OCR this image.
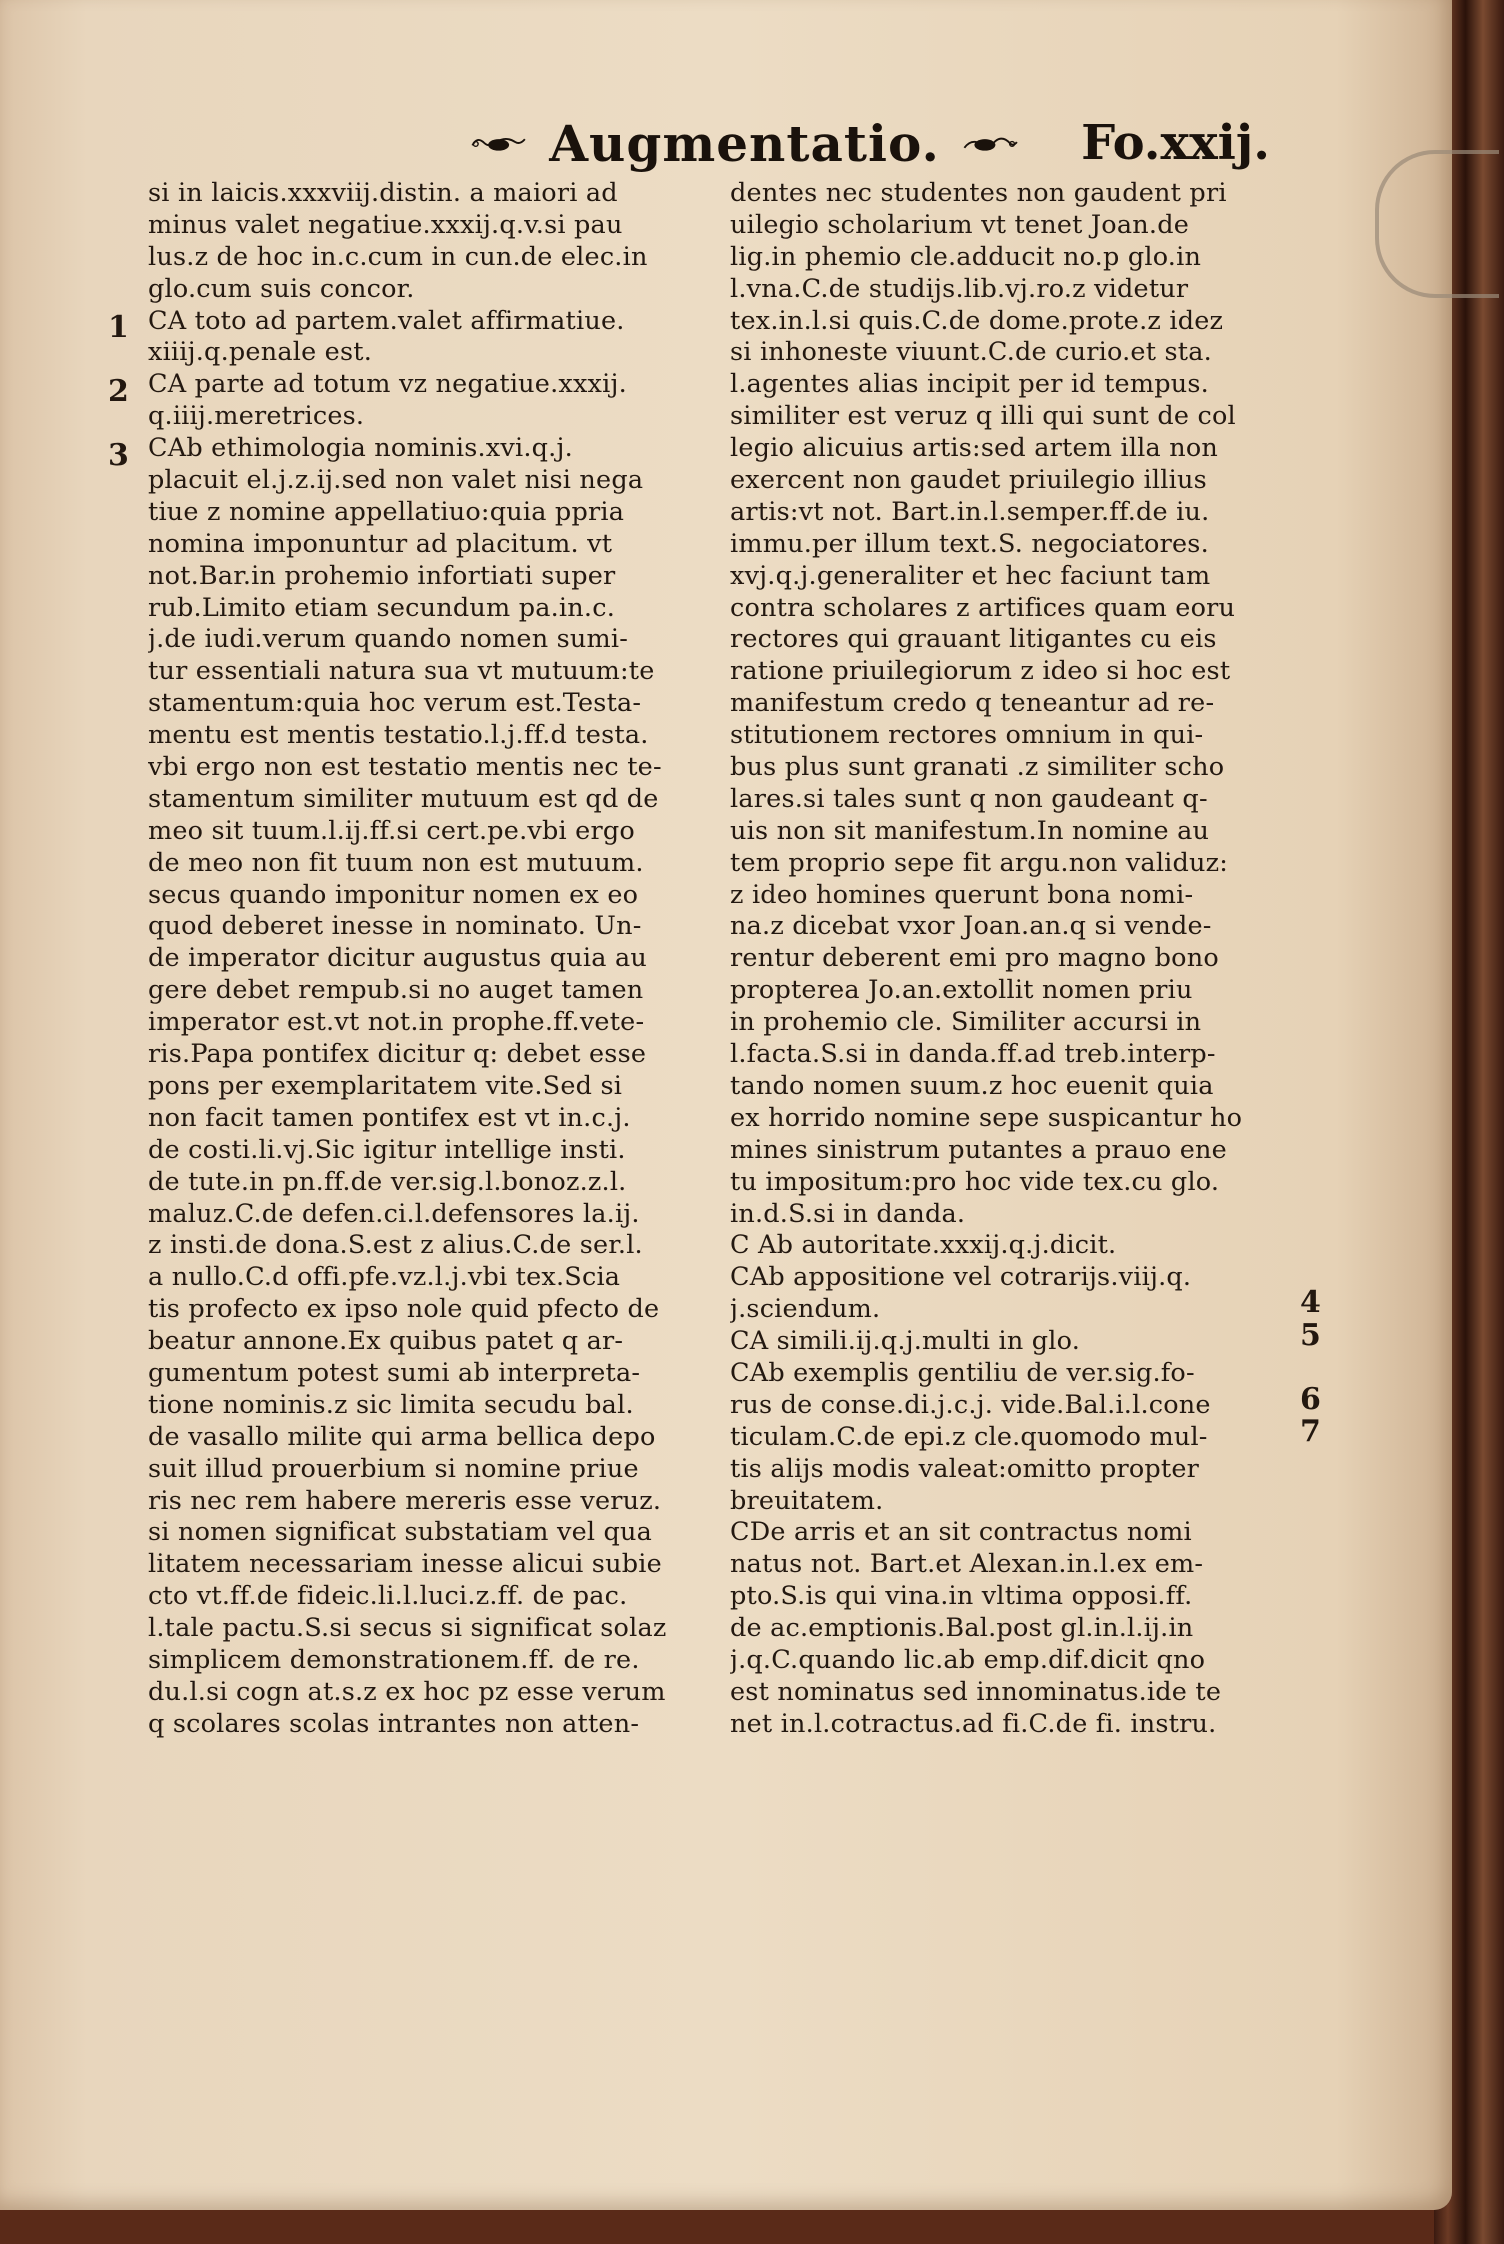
Augmentatio.	Fo.xxij.
si in laicis.xxxviij.distin. a maiori ad
minus valet negatiue.xxxij.q.v.si pau
lus.z de hoc in.c.cum in cun.de elec.in
glo.cum suis concor.
CA toto ad partem.valet affirmatiue.
xiiij.q.penale est.
CA parte ad totum vz negatiue.xxxij.
q.iiij.meretrices.
CAb ethimologia nominis.xvi.q.j.
placuit el.j.z.ij.sed non valet nisi nega
tiue z nomine appellatiuo:quia ppria
nomina imponuntur ad placitum. vt
not.Bar.in prohemio infortiati super
rub.Limito etiam secundum pa.in.c.
j.de iudi.verum quando nomen sumi-
tur essentiali natura sua vt mutuum:te
stamentum:quia hoc verum est.Testa-
mentu est mentis testatio.l.j.ff.d testa.
vbi ergo non est testatio mentis nec te-
stamentum similiter mutuum est qd de
meo sit tuum.l.ij.ff.si cert.pe.vbi ergo
de meo non fit tuum non est mutuum.
secus quando imponitur nomen ex eo
quod deberet inesse in nominato. Un-
de imperator dicitur augustus quia au
gere debet rempub.si no auget tamen
imperator est.vt not.in prophe.ff.vete-
ris.Papa pontifex dicitur q: debet esse
pons per exemplaritatem vite.Sed si
non facit tamen pontifex est vt in.c.j.
de costi.li.vj.Sic igitur intellige insti.
de tute.in pn.ff.de ver.sig.l.bonoz.z.l.
maluz.C.de defen.ci.l.defensores la.ij.
z insti.de dona.S.est z alius.C.de ser.l.
a nullo.C.d offi.pfe.vz.l.j.vbi tex.Scia
tis profecto ex ipso nole quid pfecto de
beatur annone.Ex quibus patet q ar-
gumentum potest sumi ab interpreta-
tione nominis.z sic limita secudu bal.
de vasallo milite qui arma bellica depo
suit illud prouerbium si nomine priue
ris nec rem habere mereris esse veruz.
si nomen significat substatiam vel qua
litatem necessariam inesse alicui subie
cto vt.ff.de fideic.li.l.luci.z.ff. de pac.
l.tale pactu.S.si secus si significat solaz
simplicem demonstrationem.ff. de re.
du.l.si cogn at.s.z ex hoc pz esse verum
q scolares scolas intrantes non atten-
dentes nec studentes non gaudent pri
uilegio scholarium vt tenet Joan.de
lig.in phemio cle.adducit no.p glo.in
l.vna.C.de studijs.lib.vj.ro.z videtur
tex.in.l.si quis.C.de dome.prote.z idez
si inhoneste viuunt.C.de curio.et sta.
l.agentes alias incipit per id tempus.
similiter est veruz q illi qui sunt de col
legio alicuius artis:sed artem illa non
exercent non gaudet priuilegio illius
artis:vt not. Bart.in.l.semper.ff.de iu.
immu.per illum text.S. negociatores.
xvj.q.j.generaliter et hec faciunt tam
contra scholares z artifices quam eoru
rectores qui grauant litigantes cu eis
ratione priuilegiorum z ideo si hoc est
manifestum credo q teneantur ad re-
stitutionem rectores omnium in qui-
bus plus sunt granati .z similiter scho
lares.si tales sunt q non gaudeant q-
uis non sit manifestum.In nomine au
tem proprio sepe fit argu.non validuz:
z ideo homines querunt bona nomi-
na.z dicebat vxor Joan.an.q si vende-
rentur deberent emi pro magno bono
propterea Jo.an.extollit nomen priu
in prohemio cle. Similiter accursi in
l.facta.S.si in danda.ff.ad treb.interp-
tando nomen suum.z hoc euenit quia
ex horrido nomine sepe suspicantur ho
mines sinistrum putantes a prauo ene
tu impositum:pro hoc vide tex.cu glo.
in.d.S.si in danda.
C Ab autoritate.xxxij.q.j.dicit.
CAb appositione vel cotrarijs.viij.q.
j.sciendum.
CA simili.ij.q.j.multi in glo.
CAb exemplis gentiliu de ver.sig.fo-
rus de conse.di.j.c.j. vide.Bal.i.l.cone
ticulam.C.de epi.z cle.quomodo mul-
tis alijs modis valeat:omitto propter
breuitatem.
CDe arris et an sit contractus nomi
natus not. Bart.et Alexan.in.l.ex em-
pto.S.is qui vina.in vltima opposi.ff.
de ac.emptionis.Bal.post gl.in.l.ij.in
j.q.C.quando lic.ab emp.dif.dicit qno
est nominatus sed innominatus.ide te
net in.l.cotractus.ad fi.C.de fi. instru.
1
2
3
4
5
6
7
